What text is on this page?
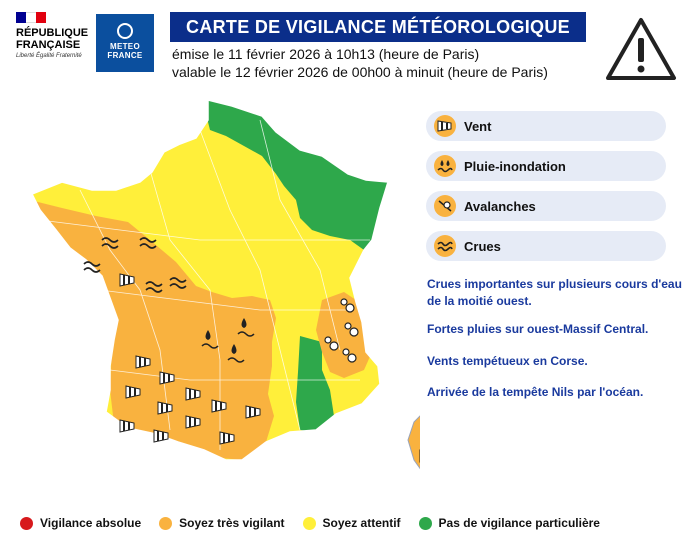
RÉPUBLIQUE FRANÇAISE
Liberté Égalité Fraternité
METEO FRANCE
CARTE DE VIGILANCE MÉTÉOROLOGIQUE
émise le 11 février 2026 à 10h13 (heure de Paris)
valable le 12 février 2026 de 00h00 à minuit (heure de Paris)
Vent
Pluie-inondation
Avalanches
Crues
Crues importantes sur plusieurs cours d'eau de la moitié ouest.
Fortes pluies sur ouest-Massif Central.
Vents tempétueux en Corse.
Arrivée de la tempête Nils par l'océan.
Vigilance absolue	Soyez très vigilant	Soyez attentif	Pas de vigilance particulière
